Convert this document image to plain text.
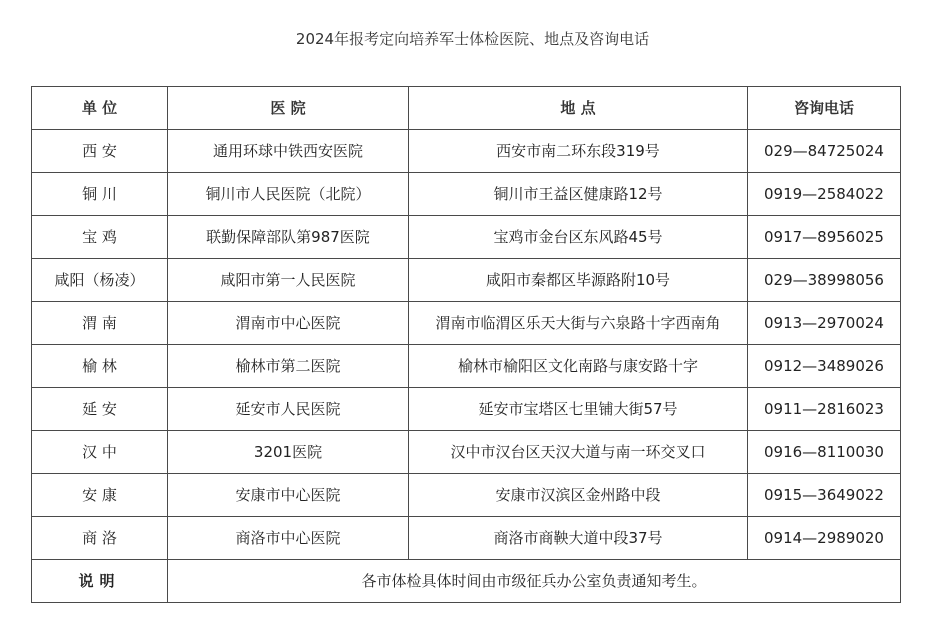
2024年报考定向培养军士体检医院、地点及咨询电话
单 位	医 院	地 点	咨询电话
西 安	通用环球中铁西安医院	西安市南二环东段319号	029—84725024
铜 川	铜川市人民医院（北院）	铜川市王益区健康路12号	0919—2584022
宝 鸡	联勤保障部队第987医院	宝鸡市金台区东风路45号	0917—8956025
咸阳（杨凌）	咸阳市第一人民医院	咸阳市秦都区毕源路附10号	029—38998056
渭 南	渭南市中心医院	渭南市临渭区乐天大街与六泉路十字西南角	0913—2970024
榆 林	榆林市第二医院	榆林市榆阳区文化南路与康安路十字	0912—3489026
延 安	延安市人民医院	延安市宝塔区七里铺大街57号	0911—2816023
汉 中	3201医院	汉中市汉台区天汉大道与南一环交叉口	0916—8110030
安 康	安康市中心医院	安康市汉滨区金州路中段	0915—3649022
商 洛	商洛市中心医院	商洛市商鞅大道中段37号	0914—2989020
说明	各市体检具体时间由市级征兵办公室负责通知考生。		
